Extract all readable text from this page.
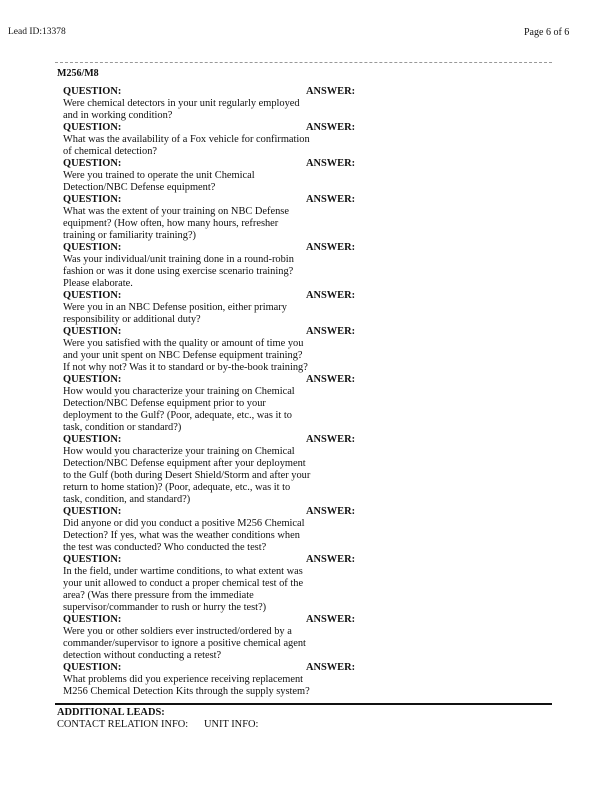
Lead ID:13378	Page 6 of 6
M256/M8
QUESTION:	ANSWER:
Were chemical detectors in your unit regularly employed
and in working condition?
QUESTION:	ANSWER:
What was the availability of a Fox vehicle for confirmation
of chemical detection?
QUESTION:	ANSWER:
Were you trained to operate the unit Chemical
Detection/NBC Defense equipment?
QUESTION:	ANSWER:
What was the extent of your training on NBC Defense
equipment? (How often, how many hours, refresher
training or familiarity training?)
QUESTION:	ANSWER:
Was your individual/unit training done in a round-robin
fashion or was it done using exercise scenario training?
Please elaborate.
QUESTION:	ANSWER:
Were you in an NBC Defense position, either primary
responsibility or additional duty?
QUESTION:	ANSWER:
Were you satisfied with the quality or amount of time you
and your unit spent on NBC Defense equipment training?
If not why not? Was it to standard or by-the-book training?
QUESTION:	ANSWER:
How would you characterize your training on Chemical
Detection/NBC Defense equipment prior to your
deployment to the Gulf? (Poor, adequate, etc., was it to
task, condition or standard?)
QUESTION:	ANSWER:
How would you characterize your training on Chemical
Detection/NBC Defense equipment after your deployment
to the Gulf (both during Desert Shield/Storm and after your
return to home station)? (Poor, adequate, etc., was it to
task, condition, and standard?)
QUESTION:	ANSWER:
Did anyone or did you conduct a positive M256 Chemical
Detection? If yes, what was the weather conditions when
the test was conducted? Who conducted the test?
QUESTION:	ANSWER:
In the field, under wartime conditions, to what extent was
your unit allowed to conduct a proper chemical test of the
area? (Was there pressure from the immediate
supervisor/commander to rush or hurry the test?)
QUESTION:	ANSWER:
Were you or other soldiers ever instructed/ordered by a
commander/supervisor to ignore a positive chemical agent
detection without conducting a retest?
QUESTION:	ANSWER:
What problems did you experience receiving replacement
M256 Chemical Detection Kits through the supply system?
ADDITIONAL LEADS:
CONTACT RELATION INFO: UNIT INFO:
